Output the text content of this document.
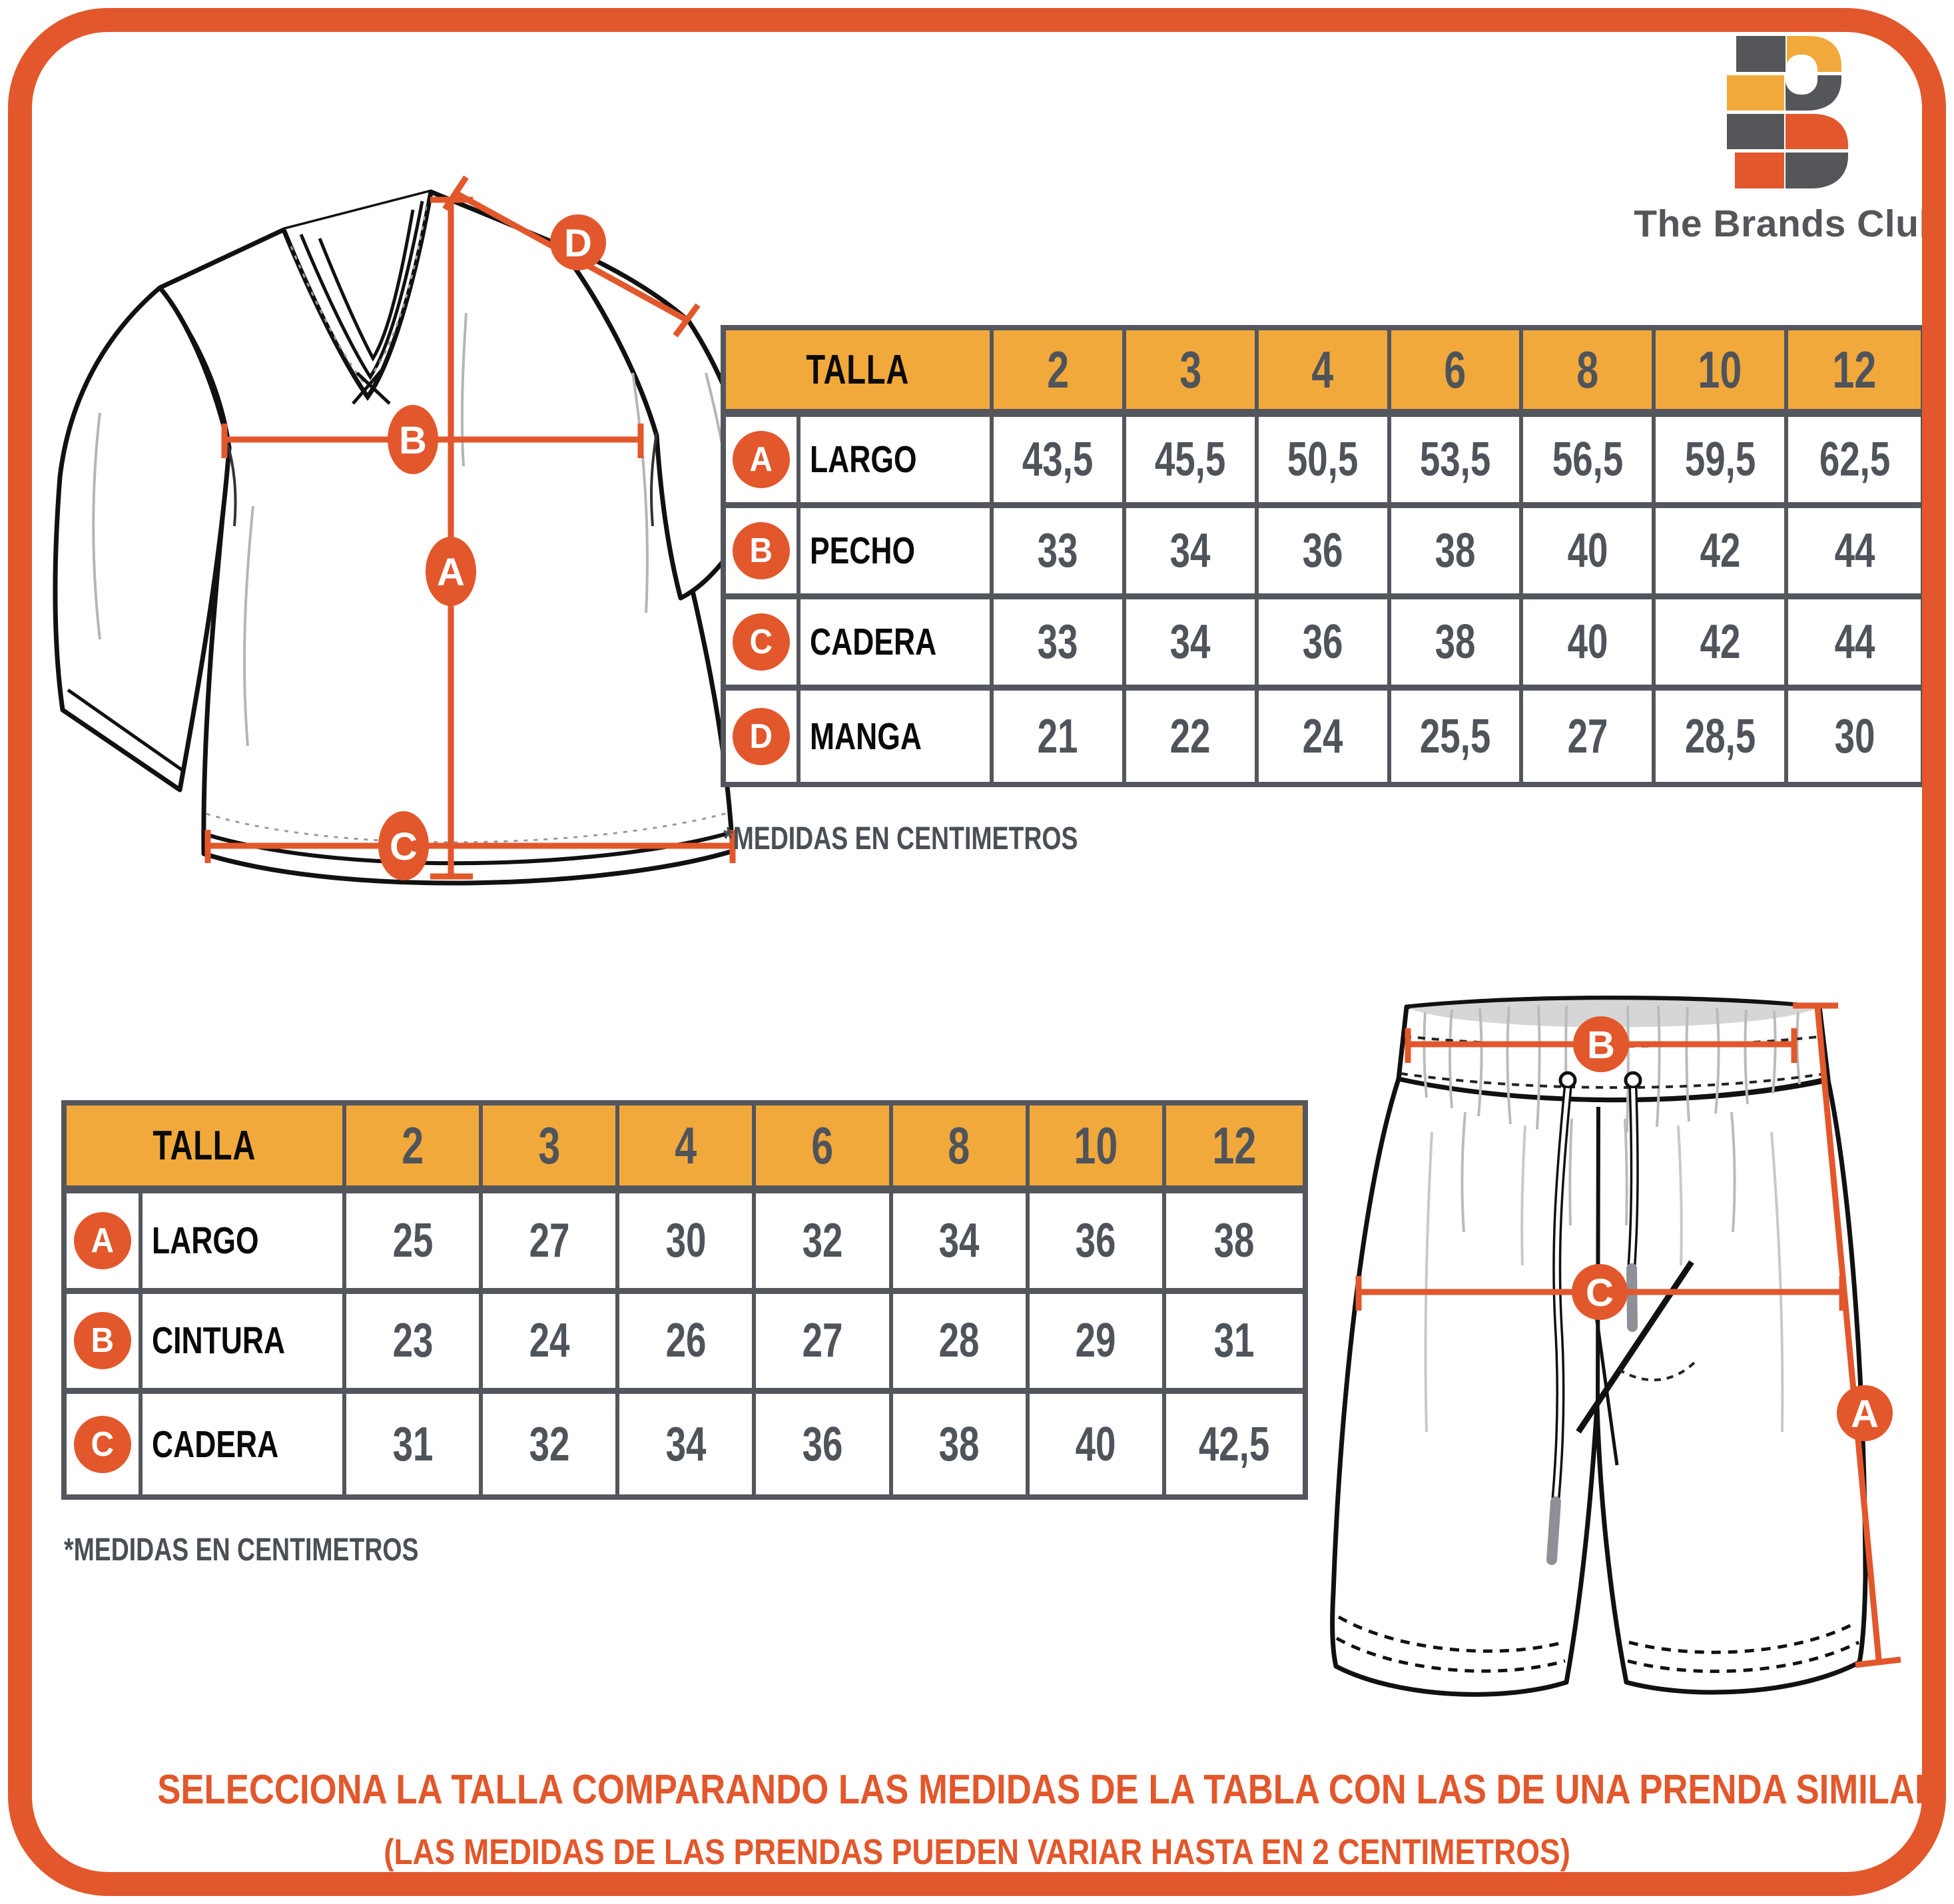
A
B
C
D	The Brands Club
TALLA	2 3 4 6 8 10 12
A LARGO 43,5 45,5 50,5 53,5 56,5 59,5 62,5
B PECHO	33 34 36 38 40 42 44
C CADERA 33 34 36 38 40 42 44
D MANGA 21 22 24 25,5 27 28,5 30
*MEDIDAS EN CENTIMETROS
TALLA	2 3 4 6 8 10 12
A LARGO	25 27 30 32 34 36 38
B CINTURA 23 24 26 27 28 29 31
C CADERA 31 32 34 36 38 40 42,5
*MEDIDAS EN CENTIMETROS
B
C
A
SELECCIONA LA TALLA COMPARANDO LAS MEDIDAS DE LA TABLA CON LAS DE UNA PRENDA SIMILAR
(LAS MEDIDAS DE LAS PRENDAS PUEDEN VARIAR HASTA EN 2 CENTIMETROS)
